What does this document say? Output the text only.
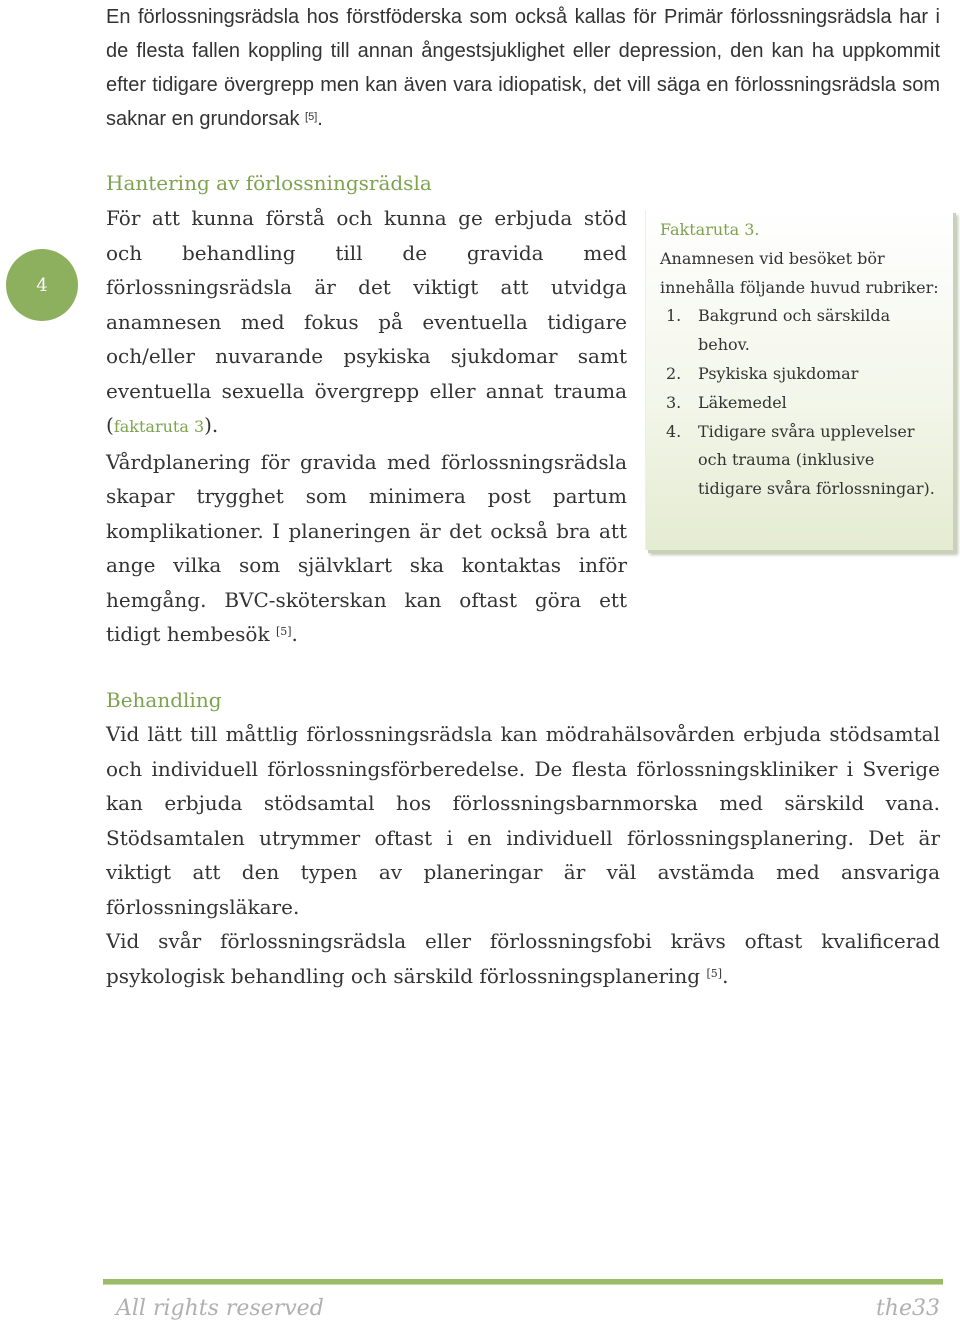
En förlossningsrädsla hos förstföderska som också kallas för Primär förlossningsrädsla har i de flesta fallen koppling till annan ångestsjuklighet eller depression, den kan ha uppkommit efter tidigare övergrepp men kan även vara idiopatisk, det vill säga en förlossningsrädsla som saknar en grundorsak [5].

4
Hantering av förlossningsrädsla

För att kunna förstå och kunna ge erbjuda stöd och behandling till de gravida med förlossningsrädsla är det viktigt att utvidga anamnesen med fokus på eventuella tidigare och/eller nuvarande psykiska sjukdomar samt eventuella sexuella övergrepp eller annat trauma (faktaruta 3).

Vårdplanering för gravida med förlossningsrädsla skapar trygghet som minimera post partum komplikationer. I planeringen är det också bra att ange vilka som självklart ska kontaktas inför hemgång. BVC-sköterskan kan oftast göra ett tidigt hembesök [5].

Faktaruta 3.

Anamnesen vid besöket bör innehålla följande huvud rubriker:

1.	Bakgrund och särskilda behov.
2.	Psykiska sjukdomar
3.	Läkemedel
4.	Tidigare svåra upplevelser och trauma (inklusive tidigare svåra förlossningar).
Behandling

Vid lätt till måttlig förlossningsrädsla kan mödrahälsovården erbjuda stödsamtal och individuell förlossningsförberedelse. De flesta förlossningskliniker i Sverige kan erbjuda stödsamtal hos förlossningsbarnmorska med särskild vana. Stödsamtalen utrymmer oftast i en individuell förlossningsplanering. Det är viktigt att den typen av planeringar är väl avstämda med ansvariga förlossningsläkare.

Vid svår förlossningsrädsla eller förlossningsfobi krävs oftast kvalificerad psykologisk behandling och särskild förlossningsplanering [5].

All rights reserved	the33
